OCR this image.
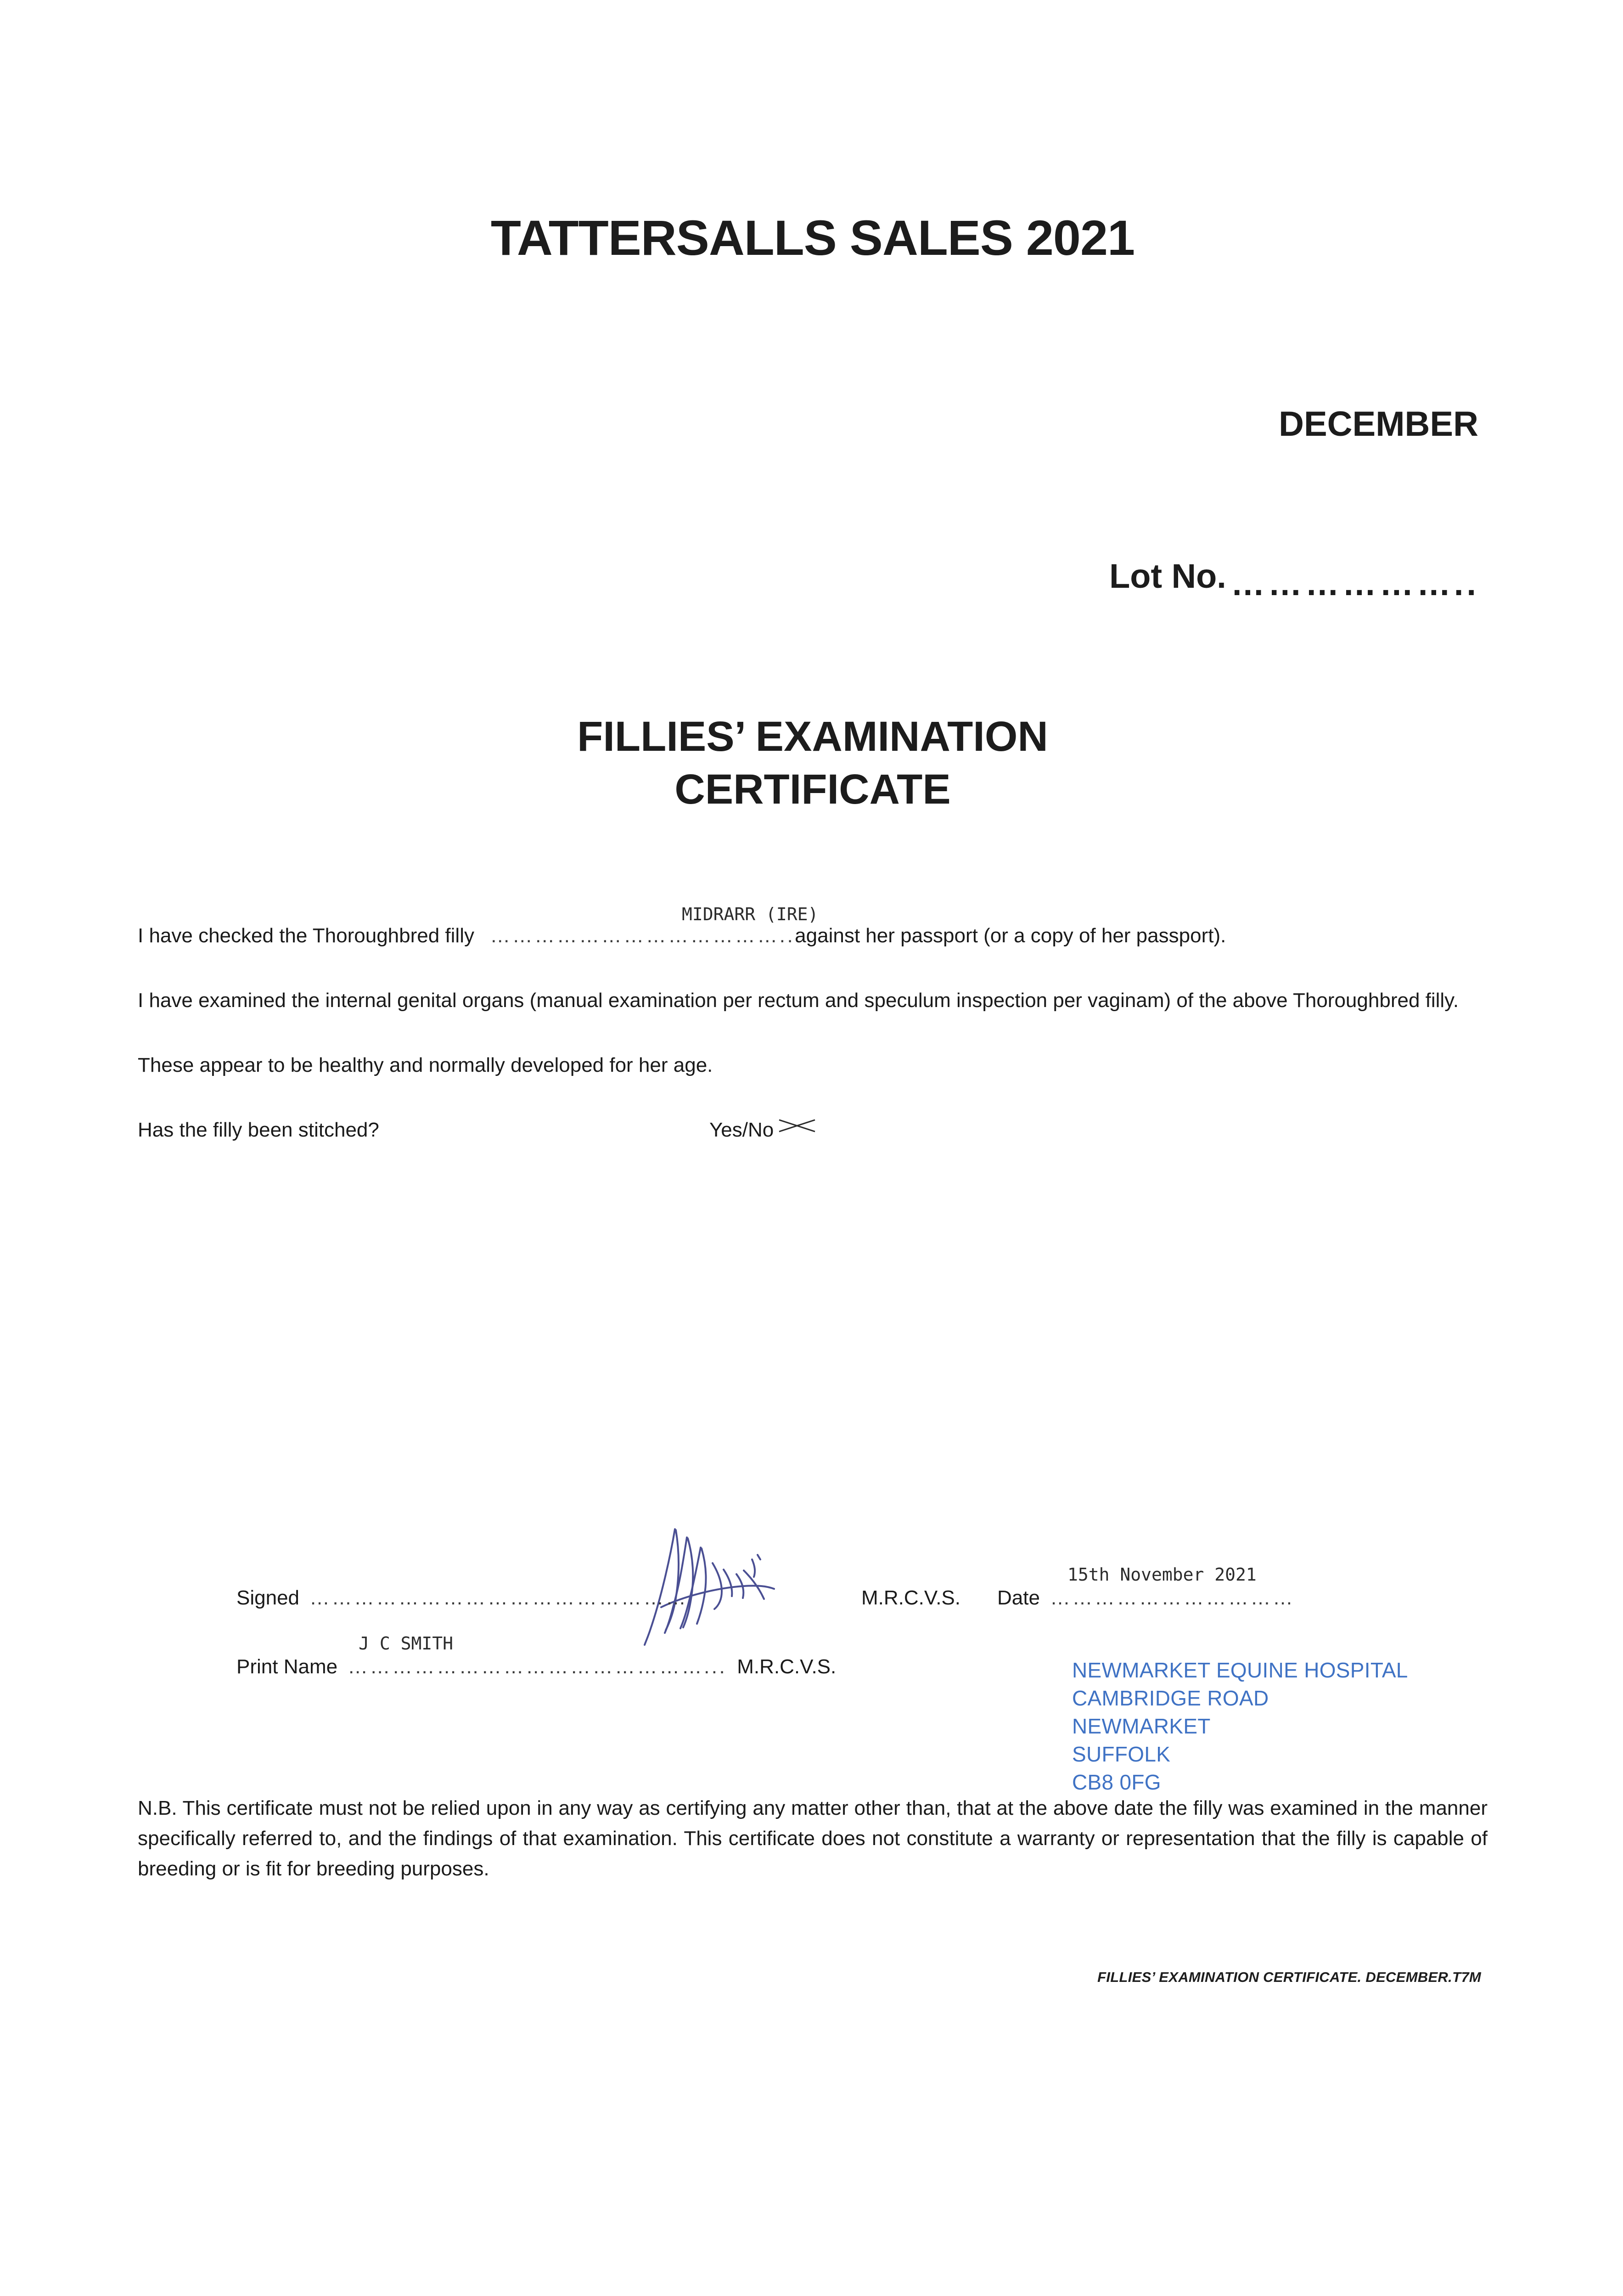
TATTERSALLS SALES 2021
DECEMBER
Lot No. ………………..
FILLIES’ EXAMINATION
CERTIFICATE
I have checked the Thoroughbred filly …………………………………..against her passport (or a copy of her passport).
MIDRARR (IRE)
I have examined the internal genital organs (manual examination per rectum and speculum inspection per vaginam) of the above Thoroughbred filly.
These appear to be healthy and normally developed for her age.
Has the filly been stitched?	Yes/No
Signed ……………………………………………	M.R.C.V.S. Date ……………………………
15th November 2021
Print Name …………………………………………...
J C SMITH
M.R.C.V.S.	NEWMARKET EQUINE HOSPITAL
CAMBRIDGE ROAD
NEWMARKET
SUFFOLK
CB8 0FG
N.B. This certificate must not be relied upon in any way as certifying any matter other than, that at the above date the filly was examined in the manner specifically referred to, and the findings of that examination. This certificate does not constitute a warranty or representation that the filly is capable of breeding or is fit for breeding purposes.
FILLIES’ EXAMINATION CERTIFICATE. DECEMBER.T7M
